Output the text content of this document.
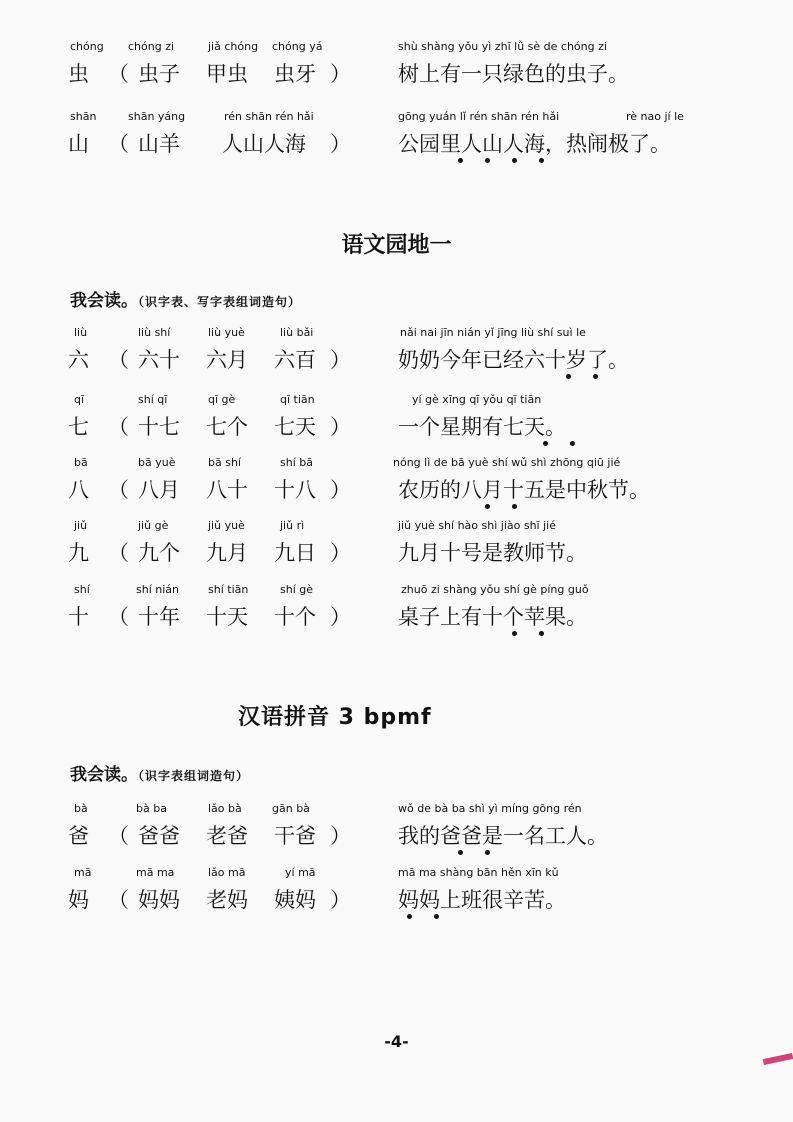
chóng chóng zi	jiǎ chóng chóng yá	shù shàng yǒu yì zhī lǜ sè de chóng zi
虫 （ 虫子 甲虫 虫牙 ） 树上有一只绿色的虫子。
shān	shān yáng	rén shān rén hǎi	gōng yuán lǐ rén shān rén hǎi	rè nao jí le
山 （ 山羊 人山人海 ） 公园里人山人海，热闹极了。
语文园地一
我会读。（识字表、写字表组词造句）
liù	liù shí	liù yuè	liù bǎi	nǎi nai jīn nián yǐ jīng liù shí suì le
六 （ 六十 六月 六百 ） 奶奶今年已经六十岁了。
qī	shí qī	qī gè	qī tiān	yí gè xīng qī yǒu qī tiān
七 （ 十七 七个 七天 ） 一个星期有七天。
bā	bā yuè	bā shí	shí bā	nóng lì de bā yuè shí wǔ shì zhōng qiū jié
八 （ 八月 八十 十八 ） 农历的八月十五是中秋节。
jiǔ	jiǔ gè	jiǔ yuè	jiǔ rì	jiǔ yuè shí hào shì jiào shī jié
九 （ 九个 九月 九日 ） 九月十号是教师节。
shí	shí nián	shí tiān	shí gè	zhuō zi shàng yǒu shí gè píng guǒ
十 （ 十年 十天 十个 ） 桌子上有十个苹果。
汉语拼音 3 bpmf
我会读。（识字表组词造句）
bà	bà ba	lǎo bà	gān bà	wǒ de bà ba shì yì míng gōng rén
爸 （ 爸爸 老爸 干爸 ） 我的爸爸是一名工人。
mā	mā ma	lǎo mā	yí mā	mā ma shàng bān hěn xīn kǔ
妈 （ 妈妈 老妈 姨妈 ） 妈妈上班很辛苦。
-4-
